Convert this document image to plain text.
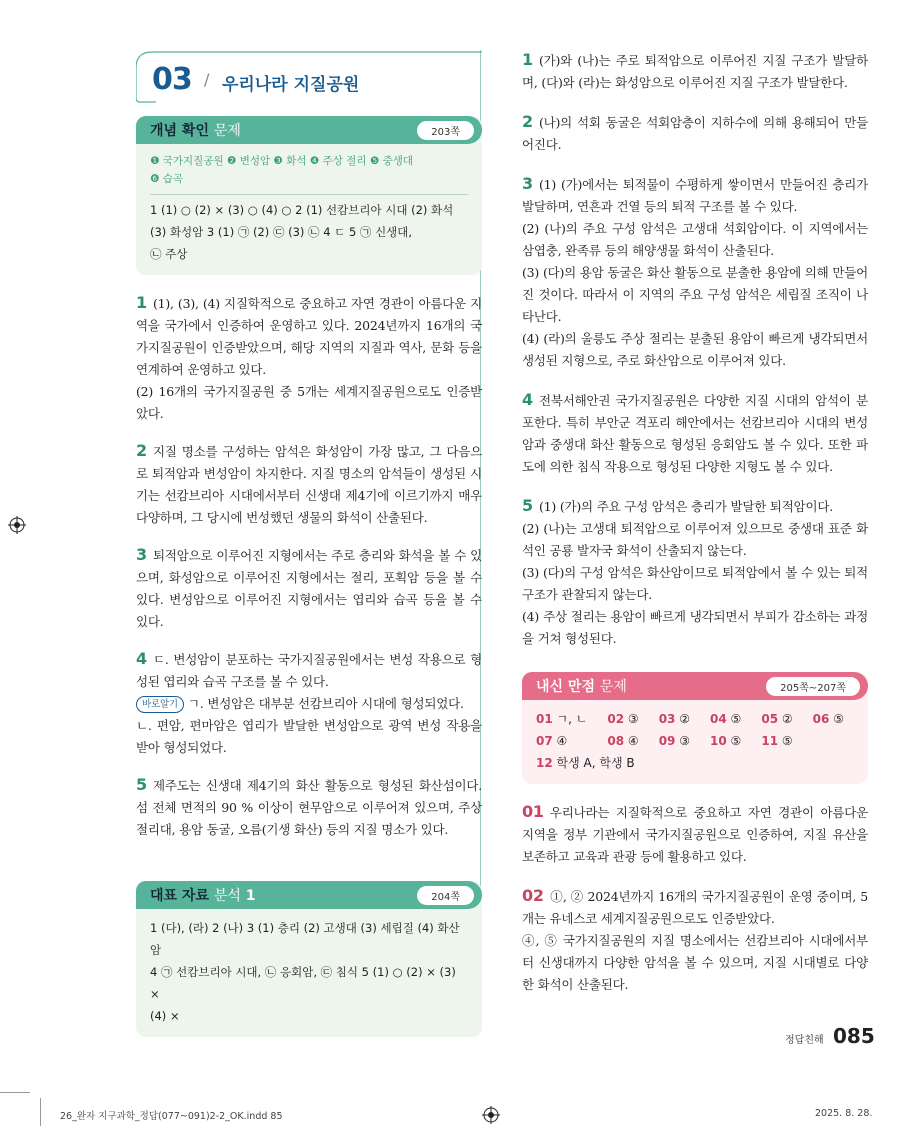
03 / 우리나라 지질공원
개념 확인 문제	203쪽
❶ 국가지질공원 ❷ 변성암 ❸ 화석 ❹ 주상 절리 ❺ 중생대
❻ 습곡
1 (1) ○ (2) × (3) ○ (4) ○ 2 (1) 선캄브리아 시대 (2) 화석
(3) 화성암 3 (1) ㉠ (2) ㉢ (3) ㉡ 4 ㄷ 5 ㉠ 신생대,
㉡ 주상

1 (1), (3), (4) 지질학적으로 중요하고 자연 경관이 아름다운 지역을 국가에서 인증하여 운영하고 있다. 2024년까지 16개의 국가지질공원이 인증받았으며, 해당 지역의 지질과 역사, 문화 등을 연계하여 운영하고 있다.

(2) 16개의 국가지질공원 중 5개는 세계지질공원으로도 인증받았다.

2 지질 명소를 구성하는 암석은 화성암이 가장 많고, 그 다음으로 퇴적암과 변성암이 차지한다. 지질 명소의 암석들이 생성된 시기는 선캄브리아 시대에서부터 신생대 제4기에 이르기까지 매우 다양하며, 그 당시에 번성했던 생물의 화석이 산출된다.

3 퇴적암으로 이루어진 지형에서는 주로 층리와 화석을 볼 수 있으며, 화성암으로 이루어진 지형에서는 절리, 포획암 등을 볼 수 있다. 변성암으로 이루어진 지형에서는 엽리와 습곡 등을 볼 수 있다.

4 ㄷ. 변성암이 분포하는 국가지질공원에서는 변성 작용으로 형성된 엽리와 습곡 구조를 볼 수 있다.

바로알기 ㄱ. 변성암은 대부분 선캄브리아 시대에 형성되었다.

ㄴ. 편암, 편마암은 엽리가 발달한 변성암으로 광역 변성 작용을 받아 형성되었다.

5 제주도는 신생대 제4기의 화산 활동으로 형성된 화산섬이다. 섬 전체 면적의 90 % 이상이 현무암으로 이루어져 있으며, 주상 절리대, 용암 동굴, 오름(기생 화산) 등의 지질 명소가 있다.

대표 자료 분석 1	204쪽
1 (다), (라) 2 (나) 3 (1) 층리 (2) 고생대 (3) 세립질 (4) 화산암
4 ㉠ 선캄브리아 시대, ㉡ 응회암, ㉢ 침식 5 (1) ○ (2) × (3) ×
(4) ×

1 (가)와 (나)는 주로 퇴적암으로 이루어진 지질 구조가 발달하며, (다)와 (라)는 화성암으로 이루어진 지질 구조가 발달한다.

2 (나)의 석회 동굴은 석회암층이 지하수에 의해 용해되어 만들어진다.

3 (1) (가)에서는 퇴적물이 수평하게 쌓이면서 만들어진 층리가 발달하며, 연흔과 건열 등의 퇴적 구조를 볼 수 있다.

(2) (나)의 주요 구성 암석은 고생대 석회암이다. 이 지역에서는 삼엽충, 완족류 등의 해양생물 화석이 산출된다.

(3) (다)의 용암 동굴은 화산 활동으로 분출한 용암에 의해 만들어진 것이다. 따라서 이 지역의 주요 구성 암석은 세립질 조직이 나타난다.

(4) (라)의 울릉도 주상 절리는 분출된 용암이 빠르게 냉각되면서 생성된 지형으로, 주로 화산암으로 이루어져 있다.

4 전북서해안권 국가지질공원은 다양한 지질 시대의 암석이 분포한다. 특히 부안군 격포리 해안에서는 선캄브리아 시대의 변성암과 중생대 화산 활동으로 형성된 응회암도 볼 수 있다. 또한 파도에 의한 침식 작용으로 형성된 다양한 지형도 볼 수 있다.

5 (1) (가)의 주요 구성 암석은 층리가 발달한 퇴적암이다.

(2) (나)는 고생대 퇴적암으로 이루어져 있으므로 중생대 표준 화석인 공룡 발자국 화석이 산출되지 않는다.

(3) (다)의 구성 암석은 화산암이므로 퇴적암에서 볼 수 있는 퇴적 구조가 관찰되지 않는다.

(4) 주상 절리는 용암이 빠르게 냉각되면서 부피가 감소하는 과정을 거쳐 형성된다.

내신 만점 문제	205쪽~207쪽
01 ㄱ, ㄴ	02 ③	03 ②	04 ⑤	05 ②	06 ⑤
07 ④	08 ④	09 ③	10 ⑤	11 ⑤
12 학생 A, 학생 B

01 우리나라는 지질학적으로 중요하고 자연 경관이 아름다운 지역을 정부 기관에서 국가지질공원으로 인증하여, 지질 유산을 보존하고 교육과 관광 등에 활용하고 있다.

02 ①, ② 2024년까지 16개의 국가지질공원이 운영 중이며, 5개는 유네스코 세계지질공원으로도 인증받았다.

④, ⑤ 국가지질공원의 지질 명소에서는 선캄브리아 시대에서부터 신생대까지 다양한 암석을 볼 수 있으며, 지질 시대별로 다양한 화석이 산출된다.

정답친해 085
26_완자 지구과학_정답(077~091)2-2_OK.indd 85	2025. 8. 28.
